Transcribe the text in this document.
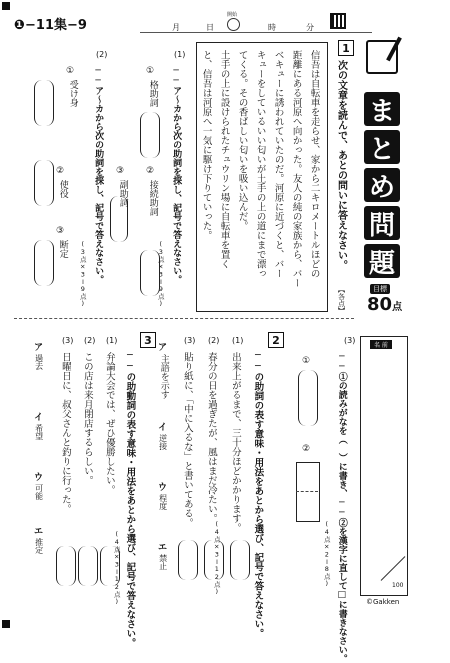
❶−11集−9	月	日
開始
時	分
ま
と
め
問
題
目標
80点
名 前
100
1
次の文章を読んで、あとの問いに答えなさい。
【各点】
信吾は自転車を走らせ、家から二キロメートルほどの
距離にある河原へ向かった。友人の純の家族から、バー
ベキューに誘われていたのだ。河原に近づくと、バー
キューをしているいい匂いが土手の上の道にまで漂っ
てくる。その香ばしい匂いを吸い込んだ。
土手の上に設けられたチュウリン場に自転車を置く
と、信吾は河原へ一気に駆け下りていった。
(1)
──ア〜カから次の助詞を探し、記号で答えなさい。
(3点×3＝9点)
①
格助詞
②
接続助詞
③
副助詞
(2)
──ア〜カから次の助詞を探し、記号で答えなさい。
(3点×3＝9点)
①
受け身
②
使役
③
断定
(3)
──①の読みがなを（　）に書き、──②を漢字に直して□に書きなさい。
(4点×2＝8点)
①
②
2
──の助詞の表す意味・用法をあとから選び、記号で答えなさい。
(4点×3＝12点)
(1)
出来上がるまで、三十分ほどかかります。
(2)
春分の日を過ぎたが、風はまだ冷たい。
(3)
貼り紙に、「中に入るな」と書いてある。
ア
主語を示す
イ
逆接
ウ
程度
エ
禁止
3
──の助動詞の表す意味・用法をあとから選び、記号で答えなさい。
(4点×3＝12点)
(1)
弁論大会では、ぜひ優勝したい。
(2)
この店は来月閉店するらしい。
(3)
日曜日に、叔父さんと釣りに行った。
ア
過去
イ
希望
ウ
可能
エ
推定
©Gakken
